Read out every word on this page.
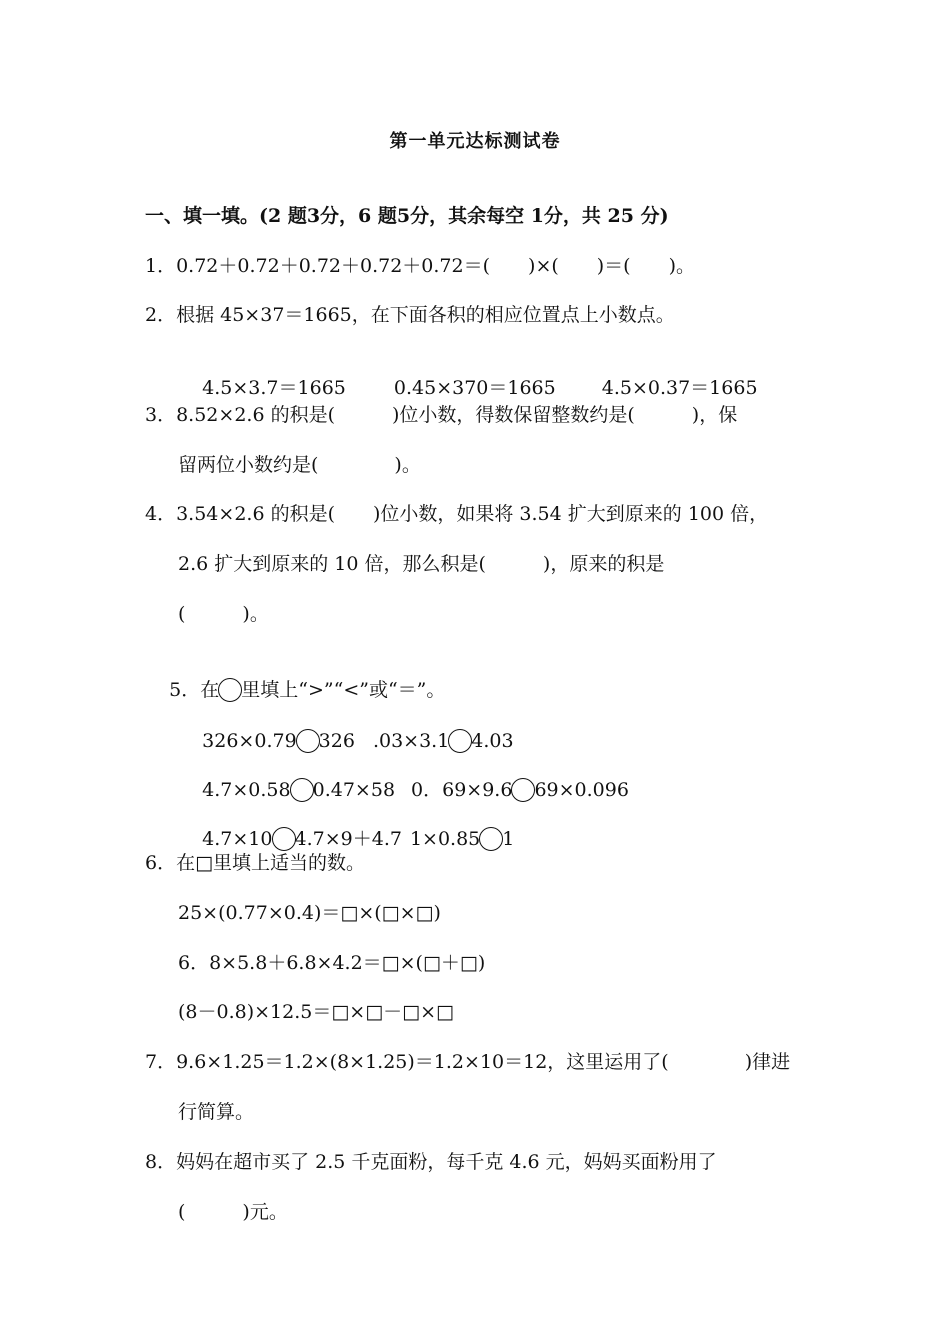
第一单元达标测试卷
一、填一填。(2 题3分，6 题5分，其余每空 1分，共 25 分)
1．0.72＋0.72＋0.72＋0.72＋0.72＝(　　)×(　　)＝(　　)。
2．根据 45×37＝1665，在下面各积的相应位置点上小数点。

4.5×3.7＝1665	0.45×370＝1665 4.5×0.37＝1665

3．8.52×2.6 的积是(　　　)位小数，得数保留整数约是(　　　)，保
留两位小数约是(　　　　)。
4．3.54×2.6 的积是(　　)位小数，如果将 3.54 扩大到原来的 100 倍，
2.6 扩大到原来的 10 倍，那么积是(　　　)，原来的积是
(　　　)。

5．在 里填上“>”“<”或“＝”。

326×0.79 326 .03×3.1 4.03

4.7×0.58 0.47×58 0．69×9.6 69×0.096

4.7×10 4.7×9＋4.7 1×0.85 1

6．在□里填上适当的数。
25×(0.77×0.4)＝□×(□×□)
6．8×5.8＋6.8×4.2＝□×(□＋□)
(8－0.8)×12.5＝□×□－□×□
7．9.6×1.25＝1.2×(8×1.25)＝1.2×10＝12，这里运用了(　　　　)律进
行简算。
8．妈妈在超市买了 2.5 千克面粉，每千克 4.6 元，妈妈买面粉用了
(　　　)元。
